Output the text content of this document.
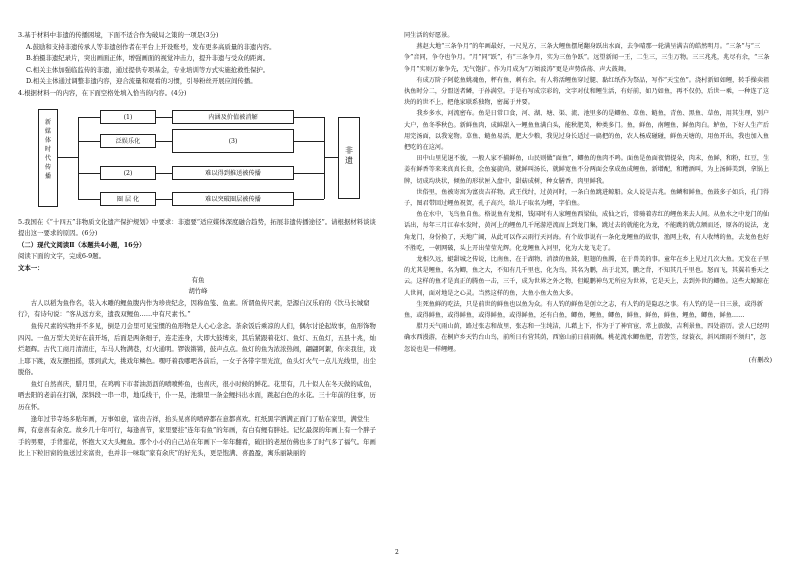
3.基于材料中非遗的传播困境，下面不适合作为破局之策的一项是(3分)

A.鼓励和支持非遗传承人等非遗创作者在平台上开设账号，发布更多高质量的非遗内容。

B.拍摄非遗纪录片，突出画面正体，增强画面的视觉冲击力，提升非遗与受众的距离。

C.相关主体加强临监传的非遗，通过提供专项基金，专业培训等方式实施抢救性保护。

D.相关主体通过调整非遗内容，迎合流量和观看的习惯，引导粉丝开展应间传播。

4.根据材料一的内容，在下面空格处填入恰当的内容。(4分)

新媒体时代传播
(1)
泛娱乐化
(2)
圈 层 化
内涵及价值被消解
(3)
难以得到推送被传播
难以突破圈层被传播
非遗

5.我国在《“十四五”非物质文化遗产保护规划》中要求：非遗要“适应媒体深度融合趋势，拓展非遗传播途径”。请根据材料谈谈提出这一要求的原因。(6分)

（二）现代文阅读Ⅱ（本题共4小题，16分）

阅读下面的文字，完成6-9题。

文本一：

有鱼

胡竹峰

古人以稻为鱼作名，装入木雕的鲤鱼腹内作为珍贵纪念，因称鱼笺、鱼素。所谓鱼传尺素，是源自汉乐府的《饮马长城窟行》，有诗句说：“客从远方来，遗我双鲤鱼……中有尺素书。”

鱼传尺素的实物并不多见，倒是刀会里可见宝惯的鱼形物是人心心念念。茶余饭后乘凉的人们，偶尔讨论起故事，鱼形饰物四闪。一鱼万型大美好在前开场，后面是两条细子，连走连身，大即大鼓缚来，其后紧跟着花灯、鱼灯、五鱼灯，五县十兆，灿烂超辉。古代工商月清清庄，车马人物满巷，灯火通明。锣钹锵锵，鼓声点点。鱼灯的鱼为浓浓热闹，翩翩阿絮，你来我往，戏上耶下跳，戏友摆扭摇，那到武大，挑戏年鳞色。嘿吁着我哪吧各前后，一女子各带字里光渲，鱼头灯火气一点儿光线里，出尘脱俗。

鱼灯自然喜庆，腊月里，在鸡鸭下市者油沥沥的喷喷鲊鱼，也喜庆，很小时候的鲜花。花里有，几十似人在冬天做的咸鱼，晒去阳的老前在打锅，深斜段一串一串，地瓜线干，仆一晃，池塘里一条金鲤抖出水面，跳起白色的水花。三十年前的往事，历历在怀。

逢年过节寺场多贴年画，万事如意，富贵吉祥，抬头见喜的喷碎都在意都喜欢。红纸黑字洒满正面门了贴在家里，满堂生辉，有意喜有余克。故乡几十年可行，每逢喜节，家里要挂“连年有鱼”的年画，有白有鲤有胖娃。记忆最深的年画上有一个胖子手的男婴，手背莲花，怀抱大又大头鲤鱼。那个小小的自己站在年画下一年年翻看，破旧的老屋仿佛也多了时气多了福气。年画比上下粒旧窗的鱼送过来富贵，也并非一味取“家有余庆”的好光头，更是饱满、喜盈盈，寓乐丽缺丽的

同生活的好愿景。

燕赵大地“三条争月”的年画最好，一尺见方，三条大鲤鱼摆尾翻身跃出水面，去争晴那一轮满呈满吉的皓然明月。“三条”与“三争”音同，争夺也争月。“月”同“跃”，有“三条争月，实为三鱼争跃”。远望新闻一王，二生三，三生万物。三三兆兆，兆尽有余，“三条争月”实则万象争先，无气饱扩。作为月成为“万顷波涛”更是声势浩荡、声大鼓舞。

有成万阶子阿乾鱼姚魂鱼，秤有鱼，刺有余。有人将活鲤鱼穿过腿、黏红纸作为祭品，写作“天宝鱼”。浇村新如如鲤，转手操卖祖执鱼时分二，分盟送者鳞，于孙满堂。于是有写成宗彩的，文字对仗和鲤生活，有好前，如乃如鱼，再不仅仍，后世一乘，一种连了这块的的世不上，把他家联系独物，密属于并要。

我乡多水，河流密布。鱼是日常口食，河、湖、塘、渠、流、池里多的是鲫鱼、草鱼、鲢鱼，青鱼、黑鱼、草鱼，用其生理，别户大户，鱼冬季秋色。新鲜鱼肉，成鲜甜入一鲤鱼鱼满白头，能秋肥美，种类多门。鱼，鲜鱼，南鲤鱼，鲜鱼肉白。鲈鱼，下好人生产后用完汤面，以我宠物。草鱼、鲢鱼易活，肥大少粮，我见过身长适过一扁把的鱼，农人杨成碰碰，鲜鱼天塘的，用鱼开出，我也加入鱼把吃的在这河。

田中山里见退不彼，一般人家不捕鲜鱼，山民则做“面鱼”，鲫鱼的鱼肉不鸣。面鱼是鱼面夜情提朵，肉末，鱼鲜，和粉，红豆，生姜有鲜香等来来真真长贵，会鱼宴旋尚，就鲜叫汤长，就鲜宽鱼不分两面会拿成鱼成鲤鱼，新增配，和糟酒叫，为上汤鲜美到，拿锅上牌，切成均块状，倾鱼的形状匣入盘中，甜菇成树，种女膳香，肉里鲜我。

世俗里，鱼被寄寓为富贵吉祥物。武王伐纣，过黄河时，一条白鱼跳进鲸船。众人说是吉兆。鱼鳞和鲜鱼，鱼鼓多子如兵，孔门得子，图君带回过鲤鱼祝贺，孔子高兴，给儿子取名为鲤，字伯鱼。

鱼在水中，飞鸟鱼自鱼。格说鱼有龙相，钱国时有人家鲤鱼西梁仙，成仙之后，常骑着赤红的鲤鱼来去人间。从鱼水之中龙门的仙话出，每年三月江春水发时，黄河上的鲤鱼几千尾游逆流而上到龙门集，跳过去的就能化为龙，不能跳的就点额而还，原各的说法，龙角龙门，身份换了，天地广阔，从此可以作云雨行天河海。有个故事说有一条化龙鲤鱼的故事，渔网上收，有人收缚的鱼，去龙鱼也好不胜吃，一朝网破，头上开出莹莹光辉。化龙鲤鱼入河里，化为大龙飞走了。

龙相久远，蜓甜城之传说，比南鱼，在于湖物，消溃的鱼鼓，胆翅的鱼腾，在于兽美的事。童年在乡上见过几次大鱼。无发在子里的尤其是鲤鱼，名为鲫，鱼之大，不知有几千里也，化为鸟，其名为鹏，出于北冥，鹏之背，不知其几千里也。怒而飞，其翼若垂天之云。这样的鱼才是真正的腾鱼一击，三千，成为世界之外之物，但鲲鹏神鸟无所应为世界，它是天上，去到外世的鲫鱼。这些大鲸鲸在人世间，面对地是之心灵。当然这样的鱼，大鱼小鱼大鱼大多。

生死鱼鲜的吃法，只是前世的鲜鱼也以鱼为众。有人钓的鲜鱼是创立之志，有人钓的是隐忍之事。有人钓的是一日三景，或得新鱼，或得鲜鱼，或得鲜鱼，或得鲜鱼，或得鲜鱼，还有白鱼，鲫鱼，鲤鱼，鲫鱼，鲜鱼，鲜鱼，鲜鱼，鲤鱼，鲫鱼，鲜鱼……

腊月天气雨山荫，路过张志和故里，张志和一生纯洁，儿藉上下，作为于了神官宦，常上旅傲，吉利景鱼，四处游历。尝人已经明确水西漫游，在桐庐乡天钓台山鸟，前所日有营其荫，西塞山前日前雨佩。桃花流水鲫鱼肥，青箬笠，绿蓑衣，斜风细雨不须归”，忽忽说也是一样鲤鲤。

(有删改)

2
